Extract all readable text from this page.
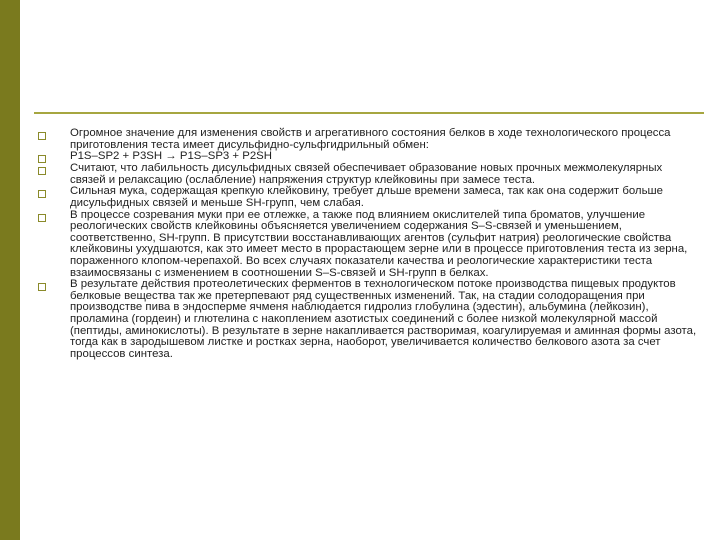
Огромное значение для изменения свойств и агрегативного состояния белков в ходе технологического процесса приготовления теста имеет дисульфидно-сульфгидрильный обмен:
P1S–SP2 + P3SH → P1S–SP3 + P2SH
Считают, что лабильность дисульфидных связей обеспечивает образование новых прочных межмолекулярных связей и релаксацию (ослабление) напряжения структур клейковины при замесе теста.
Сильная мука, содержащая крепкую клейковину, требует дльше времени замеса, так как она содержит больше дисульфидных связей и меньше SH-групп, чем слабая.
В процессе созревания муки при ее отлежке, а также под влиянием окислителей типа броматов, улучшение реологических свойств клейковины объясняется увеличением содержания S–S-связей и уменьшением, соответственно, SH-групп. В присутствии восстанавливающих агентов (сульфит натрия) реологические свойства клейковины ухудшаются, как это имеет место в прорастающем зерне или в процессе приготовления теста из зерна, пораженного клопом-черепахой. Во всех случаях показатели качества и реологические характеристики теста взаимосвязаны с изменением в соотношении S–S-связей и SH-групп в белках.
В результате действия протеолетических ферментов в технологическом потоке производства пищевых продуктов белковые вещества так же претерпевают ряд существенных изменений. Так, на стадии солодоращения при производстве пива в эндосперме ячменя наблюдается гидролиз глобулина (эдестин), альбумина (лейкозин), проламина (гордеин) и глютелина с накоплением азотистых соединений с более низкой молекулярной массой (пептиды, аминокислоты). В результате в зерне накапливается растворимая, коагулируемая и аминная формы азота, тогда как в зародышевом листке и ростках зерна, наоборот, увеличивается количество белкового азота за счет процессов синтеза.
